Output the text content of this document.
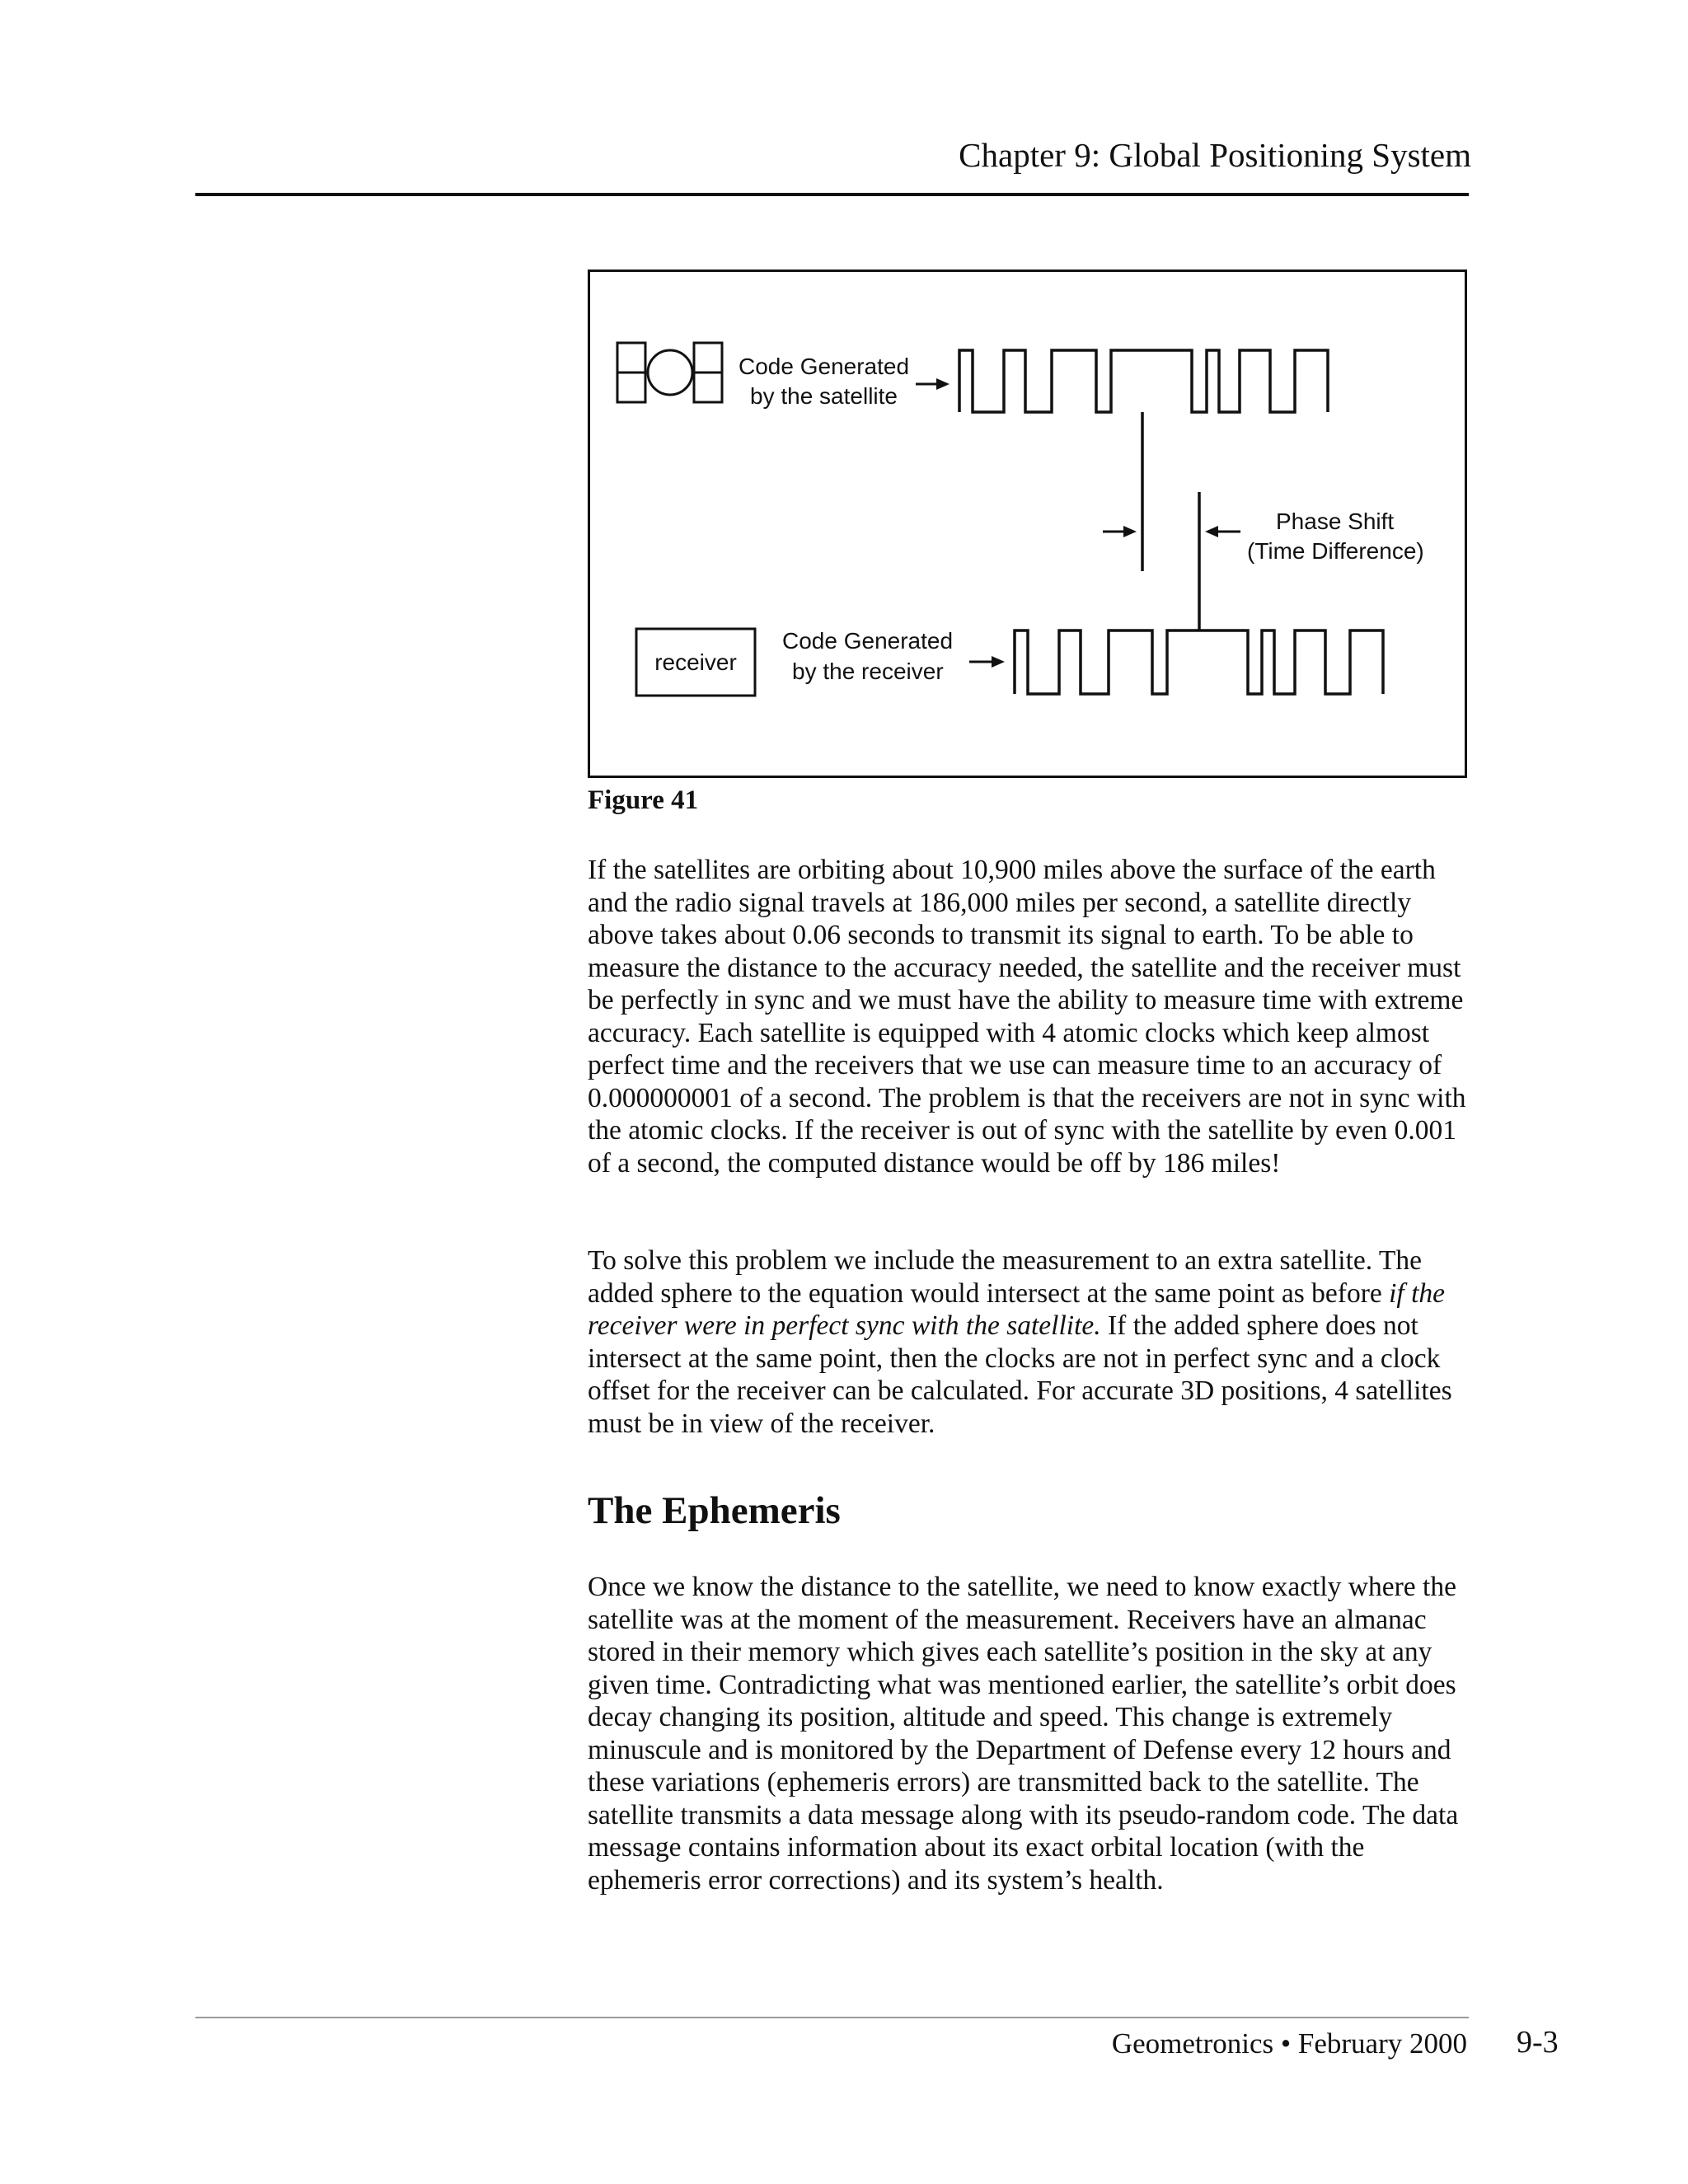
Chapter 9: Global Positioning System
Code Generated
by the satellite
Phase Shift
(Time Difference)
receiver
Code Generated
by the receiver
Figure 41

If the satellites are orbiting about 10,900 miles above the surface of the earth and the radio signal travels at 186,000 miles per second, a satellite directly above takes about 0.06 seconds to transmit its signal to earth. To be able to measure the distance to the accuracy needed, the satellite and the receiver must be perfectly in sync and we must have the ability to measure time with extreme accuracy. Each satellite is equipped with 4 atomic clocks which keep almost perfect time and the receivers that we use can measure time to an accuracy of 0.000000001 of a second. The problem is that the receivers are not in sync with the atomic clocks. If the receiver is out of sync with the satellite by even 0.001 of a second, the computed distance would be off by 186 miles!

To solve this problem we include the measurement to an extra satellite. The added sphere to the equation would intersect at the same point as before if the receiver were in perfect sync with the satellite. If the added sphere does not intersect at the same point, then the clocks are not in perfect sync and a clock offset for the receiver can be calculated. For accurate 3D positions, 4 satellites must be in view of the receiver.

The Ephemeris

Once we know the distance to the satellite, we need to know exactly where the satellite was at the moment of the measurement. Receivers have an almanac stored in their memory which gives each satellite’s position in the sky at any given time. Contradicting what was mentioned earlier, the satellite’s orbit does decay changing its position, altitude and speed. This change is extremely minuscule and is monitored by the Department of Defense every 12 hours and these variations (ephemeris errors) are transmitted back to the satellite. The satellite transmits a data message along with its pseudo-random code. The data message contains information about its exact orbital location (with the ephemeris error corrections) and its system’s health.

Geometronics • February 2000 9-3
